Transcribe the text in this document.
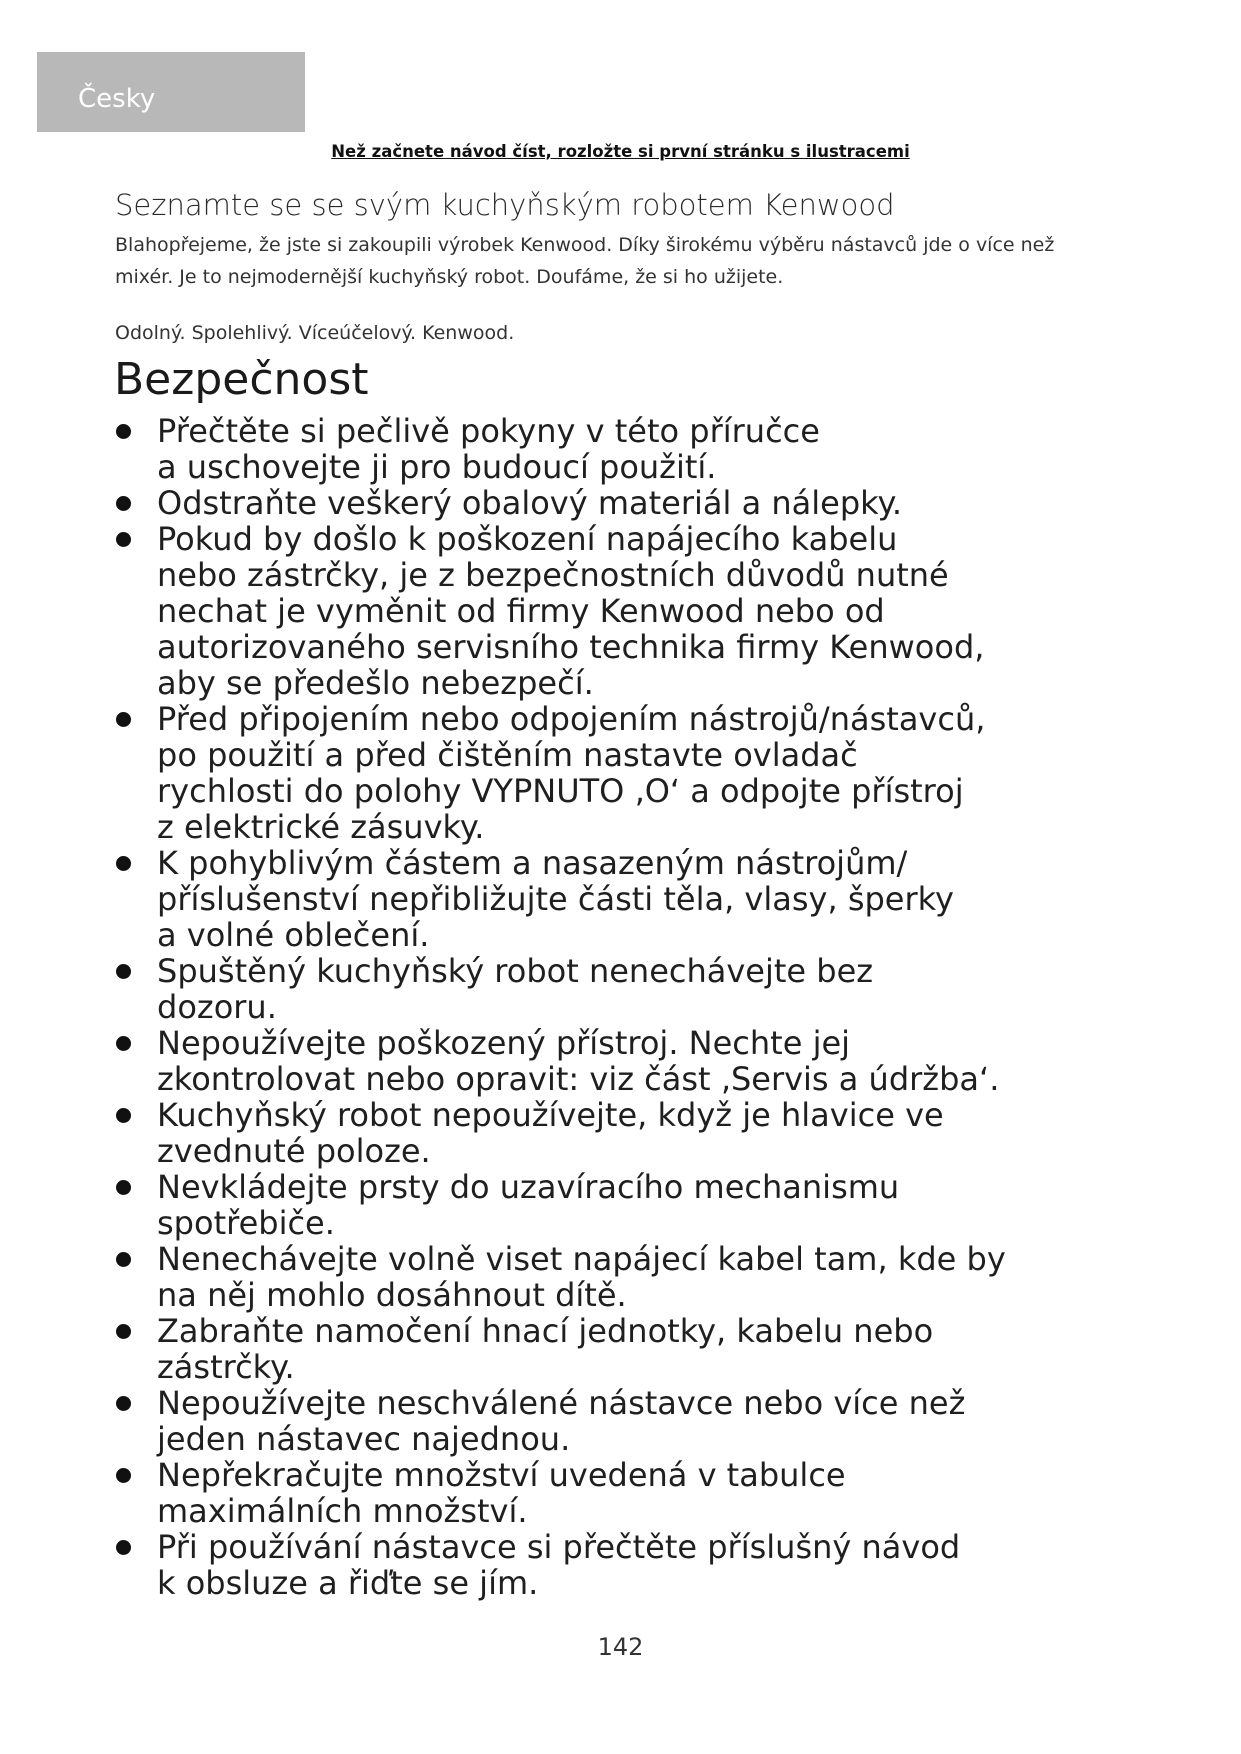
Česky
Než začnete návod číst, rozložte si první stránku s ilustracemi
Seznamte se se svým kuchyňským robotem Kenwood
Blahopřejeme, že jste si zakoupili výrobek Kenwood. Díky širokému výběru nástavců jde o více než mixér. Je to nejmodernější kuchyňský robot. Doufáme, že si ho užijete.
Odolný. Spolehlivý. Víceúčelový. Kenwood.
Bezpečnost
Přečtěte si pečlivě pokyny v této příručce
a uschovejte ji pro budoucí použití.
Odstraňte veškerý obalový materiál a nálepky.
Pokud by došlo k poškození napájecího kabelu
nebo zástrčky, je z bezpečnostních důvodů nutné
nechat je vyměnit od firmy Kenwood nebo od
autorizovaného servisního technika firmy Kenwood,
aby se předešlo nebezpečí.
Před připojením nebo odpojením nástrojů/nástavců,
po použití a před čištěním nastavte ovladač
rychlosti do polohy VYPNUTO ‚O‘ a odpojte přístroj
z elektrické zásuvky.
K pohyblivým částem a nasazeným nástrojům/
příslušenství nepřibližujte části těla, vlasy, šperky
a volné oblečení.
Spuštěný kuchyňský robot nenechávejte bez
dozoru.
Nepoužívejte poškozený přístroj. Nechte jej
zkontrolovat nebo opravit: viz část ‚Servis a údržba‘.
Kuchyňský robot nepoužívejte, když je hlavice ve
zvednuté poloze.
Nevkládejte prsty do uzavíracího mechanismu
spotřebiče.
Nenechávejte volně viset napájecí kabel tam, kde by
na něj mohlo dosáhnout dítě.
Zabraňte namočení hnací jednotky, kabelu nebo
zástrčky.
Nepoužívejte neschválené nástavce nebo více než
jeden nástavec najednou.
Nepřekračujte množství uvedená v tabulce
maximálních množství.
Při používání nástavce si přečtěte příslušný návod
k obsluze a řiďte se jím.
142
